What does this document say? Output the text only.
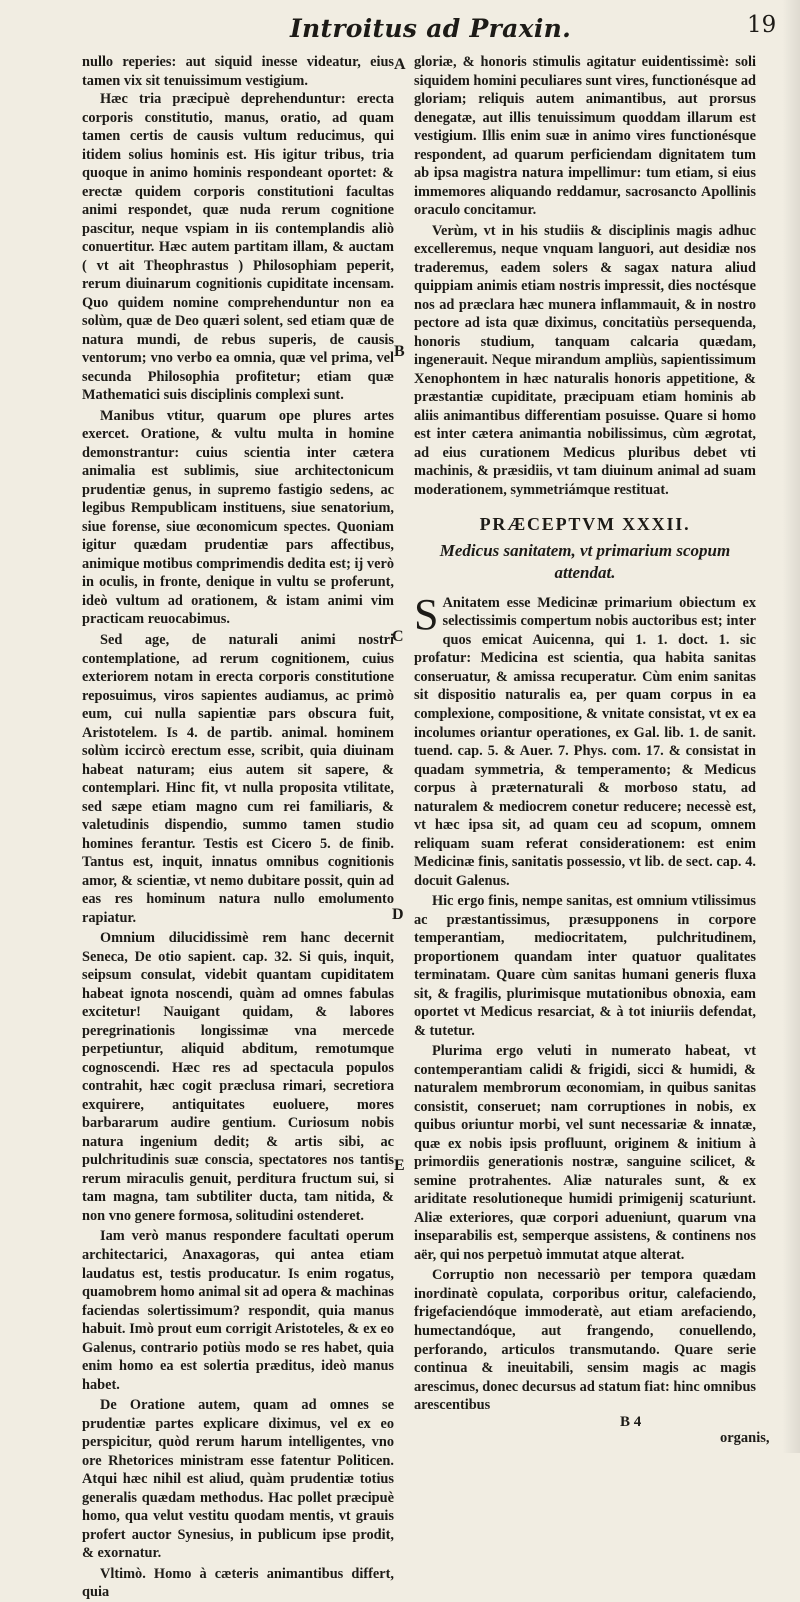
Introitus ad Praxin.	19
A
B
C
D
E

nullo reperies: aut siquid inesse videatur, eius tamen vix sit tenuissimum vestigium.

Hæc tria præcipuè deprehenduntur: erecta corporis constitutio, manus, oratio, ad quam tamen certis de causis vultum reducimus, qui itidem solius hominis est. His igitur tribus, tria quoque in animo hominis respondeant oportet: & erectæ quidem corporis constitutioni facultas animi respondet, quæ nuda rerum cognitione pascitur, neque vspiam in iis contemplandis aliò conuertitur. Hæc autem partitam illam, & auctam ( vt ait Theophrastus ) Philosophiam peperit, rerum diuinarum cognitionis cupiditate incensam. Quo quidem nomine comprehenduntur non ea solùm, quæ de Deo quæri solent, sed etiam quæ de natura mundi, de rebus superis, de causis ventorum; vno verbo ea omnia, quæ vel prima, vel secunda Philosophia profitetur; etiam quæ Mathematici suis disciplinis complexi sunt.

Manibus vtitur, quarum ope plures artes exercet. Oratione, & vultu multa in homine demonstrantur: cuius scientia inter cætera animalia est sublimis, siue architectonicum prudentiæ genus, in supremo fastigio sedens, ac legibus Rempublicam instituens, siue senatorium, siue forense, siue œconomicum spectes. Quoniam igitur quædam prudentiæ pars affectibus, animique motibus comprimendis dedita est; ij verò in oculis, in fronte, denique in vultu se proferunt, ideò vultum ad orationem, & istam animi vim practicam reuocabimus.

Sed age, de naturali animi nostri contemplatione, ad rerum cognitionem, cuius exteriorem notam in erecta corporis constitutione reposuimus, viros sapientes audiamus, ac primò eum, cui nulla sapientiæ pars obscura fuit, Aristotelem. Is 4. de partib. animal. hominem solùm iccircò erectum esse, scribit, quia diuinam habeat naturam; eius autem sit sapere, & contemplari. Hinc fit, vt nulla proposita vtilitate, sed sæpe etiam magno cum rei familiaris, & valetudinis dispendio, summo tamen studio homines ferantur. Testis est Cicero 5. de finib. Tantus est, inquit, innatus omnibus cognitionis amor, & scientiæ, vt nemo dubitare possit, quin ad eas res hominum natura nullo emolumento rapiatur.

Omnium dilucidissimè rem hanc decernit Seneca, De otio sapient. cap. 32. Si quis, inquit, seipsum consulat, videbit quantam cupiditatem habeat ignota noscendi, quàm ad omnes fabulas excitetur! Nauigant quidam, & labores peregrinationis longissimæ vna mercede perpetiuntur, aliquid abditum, remotumque cognoscendi. Hæc res ad spectacula populos contrahit, hæc cogit præclusa rimari, secretiora exquirere, antiquitates euoluere, mores barbararum audire gentium. Curiosum nobis natura ingenium dedit; & artis sibi, ac pulchritudinis suæ conscia, spectatores nos tantis rerum miraculis genuit, perditura fructum sui, si tam magna, tam subtiliter ducta, tam nitida, & non vno genere formosa, solitudini ostenderet.

Iam verò manus respondere facultati operum architectarici, Anaxagoras, qui antea etiam laudatus est, testis producatur. Is enim rogatus, quamobrem homo animal sit ad opera & machinas faciendas solertissimum? respondit, quia manus habuit. Imò prout eum corrigit Aristoteles, & ex eo Galenus, contrario potiùs modo se res habet, quia enim homo ea est solertia præditus, ideò manus habet.

De Oratione autem, quam ad omnes se prudentiæ partes explicare diximus, vel ex eo perspicitur, quòd rerum harum intelligentes, vno ore Rhetorices ministram esse fatentur Politicen. Atqui hæc nihil est aliud, quàm prudentiæ totius generalis quædam methodus. Hac pollet præcipuè homo, qua velut vestitu quodam mentis, vt grauis profert auctor Synesius, in publicum ipse prodit, & exornatur.

Vltimò. Homo à cæteris animantibus differt, quia

gloriæ, & honoris stimulis agitatur euidentissimè: soli siquidem homini peculiares sunt vires, functionésque ad gloriam; reliquis autem animantibus, aut prorsus denegatæ, aut illis tenuissimum quoddam illarum est vestigium. Illis enim suæ in animo vires functionésque respondent, ad quarum perficiendam dignitatem tum ab ipsa magistra natura impellimur: tum etiam, si eius immemores aliquando reddamur, sacrosancto Apollinis oraculo concitamur.

Verùm, vt in his studiis & disciplinis magis adhuc excelleremus, neque vnquam languori, aut desidiæ nos traderemus, eadem solers & sagax natura aliud quippiam animis etiam nostris impressit, dies noctésque nos ad præclara hæc munera inflammauit, & in nostro pectore ad ista quæ diximus, concitatiùs persequenda, honoris studium, tanquam calcaria quædam, ingenerauit. Neque mirandum ampliùs, sapientissimum Xenophontem in hæc naturalis honoris appetitione, & præstantiæ cupiditate, præcipuam etiam hominis ab aliis animantibus differentiam posuisse. Quare si homo est inter cætera animantia nobilissimus, cùm ægrotat, ad eius curationem Medicus pluribus debet vti machinis, & præsidiis, vt tam diuinum animal ad suam moderationem, symmetriámque restituat.

PRÆCEPTVM XXXII.
Medicus sanitatem, vt primarium scopum attendat.

S Anitatem esse Medicinæ primarium obiectum ex selectissimis compertum nobis auctoribus est; inter quos emicat Auicenna, qui 1. 1. doct. 1. sic profatur: Medicina est scientia, qua habita sanitas conseruatur, & amissa recuperatur. Cùm enim sanitas sit dispositio naturalis ea, per quam corpus in ea complexione, compositione, & vnitate consistat, vt ex ea incolumes oriantur operationes, ex Gal. lib. 1. de sanit. tuend. cap. 5. & Auer. 7. Phys. com. 17. & consistat in quadam symmetria, & temperamento; & Medicus corpus à præternaturali & morboso statu, ad naturalem & mediocrem conetur reducere; necessè est, vt hæc ipsa sit, ad quam ceu ad scopum, omnem reliquam suam referat considerationem: est enim Medicinæ finis, sanitatis possessio, vt lib. de sect. cap. 4. docuit Galenus.

Hic ergo finis, nempe sanitas, est omnium vtilissimus ac præstantissimus, præsupponens in corpore temperantiam, mediocritatem, pulchritudinem, proportionem quandam inter quatuor qualitates terminatam. Quare cùm sanitas humani generis fluxa sit, & fragilis, plurimisque mutationibus obnoxia, eam oportet vt Medicus resarciat, & à tot iniuriis defendat, & tutetur.

Plurima ergo veluti in numerato habeat, vt contemperantiam calidi & frigidi, sicci & humidi, & naturalem membrorum œconomiam, in quibus sanitas consistit, conseruet; nam corruptiones in nobis, ex quibus oriuntur morbi, vel sunt necessariæ & innatæ, quæ ex nobis ipsis profluunt, originem & initium à primordiis generationis nostræ, sanguine scilicet, & semine protrahentes. Aliæ naturales sunt, & ex ariditate resolutioneque humidi primigenij scaturiunt. Aliæ exteriores, quæ corpori adueniunt, quarum vna inseparabilis est, semperque assistens, & continens nos aër, qui nos perpetuò immutat atque alterat.

Corruptio non necessariò per tempora quædam inordinatè copulata, corporibus oritur, calefaciendo, frigefaciendóque immoderatè, aut etiam arefaciendo, humectandóque, aut frangendo, conuellendo, perforando, articulos transmutando. Quare serie continua & ineuitabili, sensim magis ac magis arescimus, donec decursus ad statum fiat: hinc omnibus arescentibus

B 4
organis,
